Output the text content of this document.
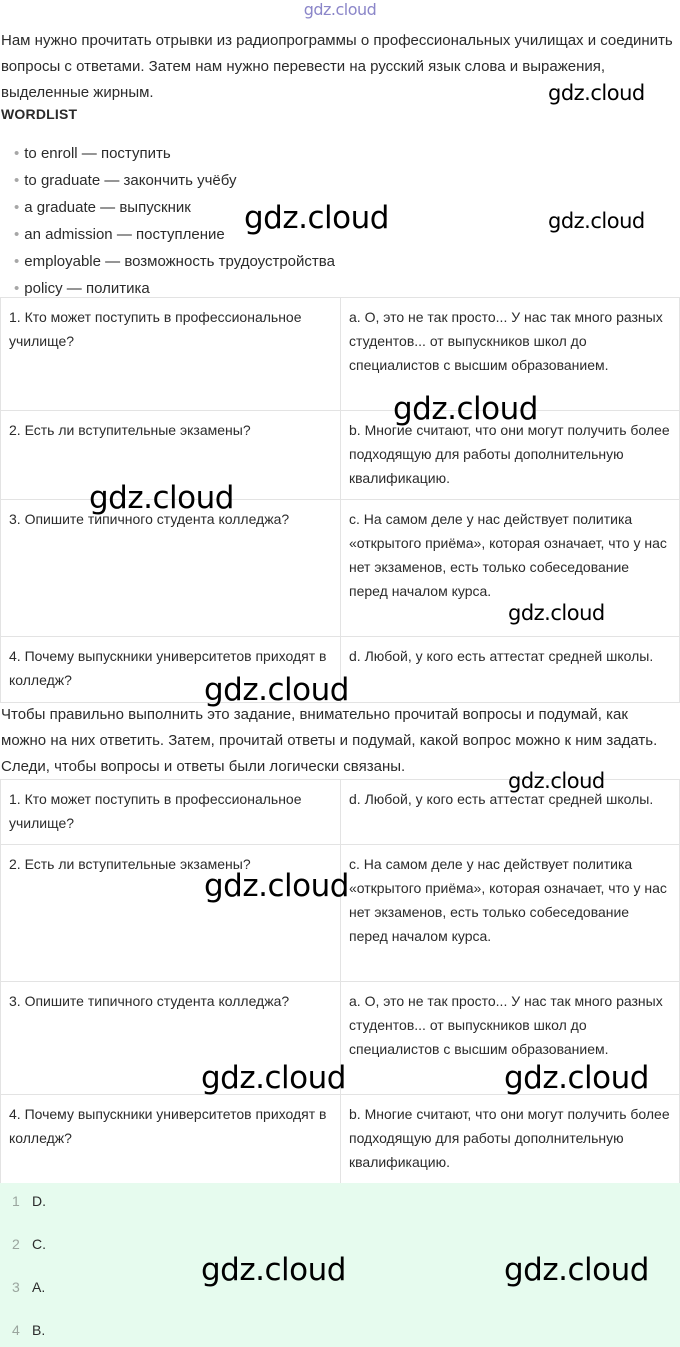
gdz.cloud

Нам нужно прочитать отрывки из радиопрограммы о профессиональных училищах и соединить вопросы с ответами. Затем нам нужно перевести на русский язык слова и выражения, выделенные жирным.

WORDLIST
• to enroll — поступить
• to graduate — закончить учёбу
• a graduate — выпускник
• an admission — поступление
• employable — возможность трудоустройства
• policy — политика
1. Кто может поступить в профессиональное училище?	a. О, это не так просто... У нас так много разных студентов... от выпускников школ до специалистов с высшим образованием.
2. Есть ли вступительные экзамены?	b. Многие считают, что они могут получить более подходящую для работы дополнительную квалификацию.
3. Опишите типичного студента колледжа?	c. На самом деле у нас действует политика «открытого приёма», которая означает, что у нас нет экзаменов, есть только собеседование перед началом курса.
4. Почему выпускники университетов приходят в колледж?	d. Любой, у кого есть аттестат средней школы.

Чтобы правильно выполнить это задание, внимательно прочитай вопросы и подумай, как можно на них ответить. Затем, прочитай ответы и подумай, какой вопрос можно к ним задать. Следи, чтобы вопросы и ответы были логически связаны.

1. Кто может поступить в профессиональное училище?	d. Любой, у кого есть аттестат средней школы.
2. Есть ли вступительные экзамены?	c. На самом деле у нас действует политика «открытого приёма», которая означает, что у нас нет экзаменов, есть только собеседование перед началом курса.
3. Опишите типичного студента колледжа?	a. О, это не так просто... У нас так много разных студентов... от выпускников школ до специалистов с высшим образованием.
4. Почему выпускники университетов приходят в колледж?	b. Многие считают, что они могут получить более подходящую для работы дополнительную квалификацию.
1 D.
2 C.
3 A.
4 B.
gdz.cloud
gdz.cloud	gdz.cloud
gdz.cloud
gdz.cloud
gdz.cloud
gdz.cloud
gdz.cloud
gdz.cloud
gdz.cloud	gdz.cloud
gdz.cloud	gdz.cloud
